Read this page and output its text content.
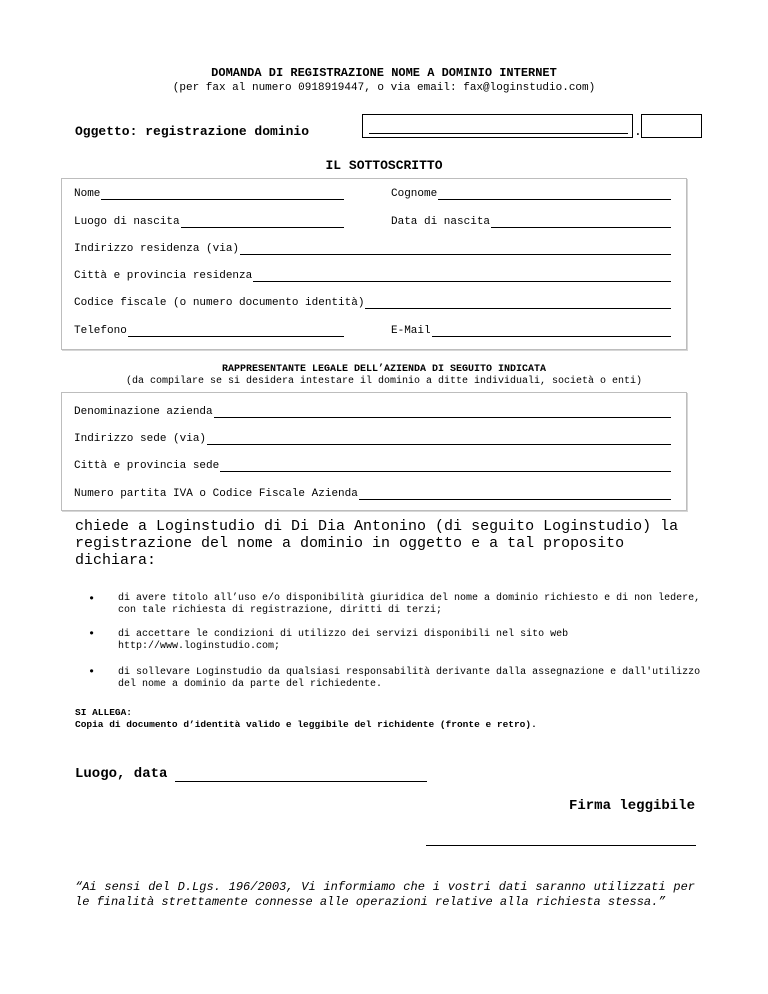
DOMANDA DI REGISTRAZIONE NOME A DOMINIO INTERNET
(per fax al numero 0918919447, o via email: fax@loginstudio.com)
Oggetto: registrazione dominio	.
IL SOTTOSCRITTO
Nome	Cognome
Luogo di nascita	Data di nascita
Indirizzo residenza (via)
Città e provincia residenza
Codice fiscale (o numero documento identità)
Telefono	E-Mail
RAPPRESENTANTE LEGALE DELL’AZIENDA DI SEGUITO INDICATA
(da compilare se si desidera intestare il dominio a ditte individuali, società o enti)
Denominazione azienda
Indirizzo sede (via)
Città e provincia sede
Numero partita IVA o Codice Fiscale Azienda
chiede a Loginstudio di Di Dia Antonino (di seguito Loginstudio) la registrazione del nome a dominio in oggetto e a tal proposito dichiara:
• di avere titolo all’uso e/o disponibilità giuridica del nome a dominio richiesto e di non ledere, con tale richiesta di registrazione, diritti di terzi;
• di accettare le condizioni di utilizzo dei servizi disponibili nel sito web http://www.loginstudio.com;
• di sollevare Loginstudio da qualsiasi responsabilità derivante dalla assegnazione e dall'utilizzo del nome a dominio da parte del richiedente.
SI ALLEGA:
Copia di documento d’identità valido e leggibile del richidente (fronte e retro).
Luogo, data
Firma leggibile
“Ai sensi del D.Lgs. 196/2003, Vi informiamo che i vostri dati saranno utilizzati per le finalità strettamente connesse alle operazioni relative alla richiesta stessa.”
